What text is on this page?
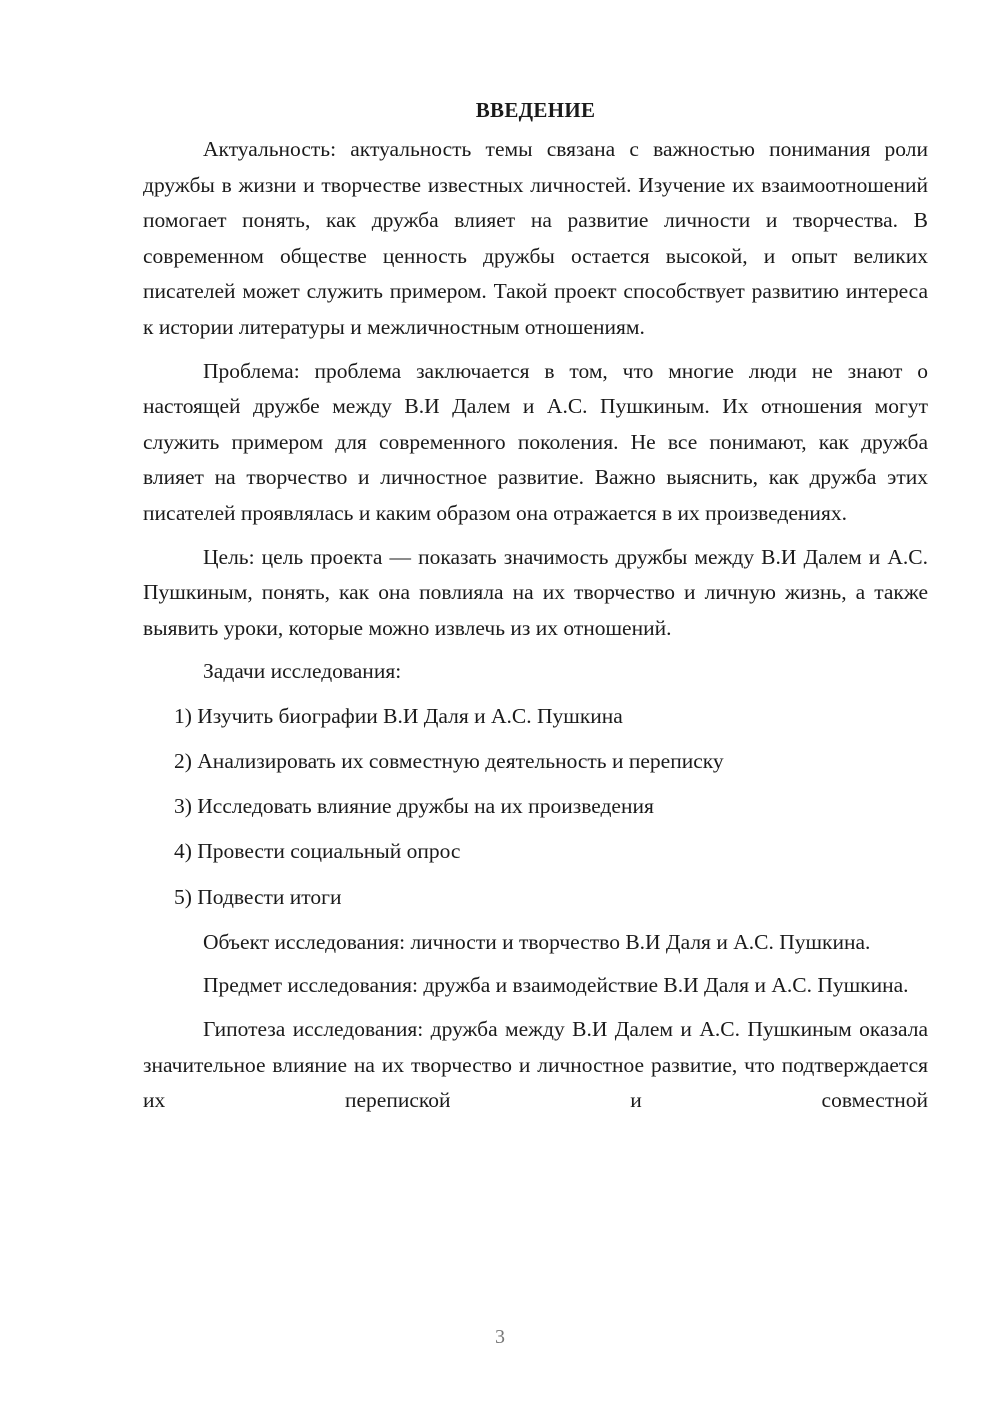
ВВЕДЕНИЕ

Актуальность: актуальность темы связана с важностью понимания роли дружбы в жизни и творчестве известных личностей. Изучение их взаимоотношений помогает понять, как дружба влияет на развитие личности и творчества. В современном обществе ценность дружбы остается высокой, и опыт великих писателей может служить примером. Такой проект способствует развитию интереса к истории литературы и межличностным отношениям.

Проблема: проблема заключается в том, что многие люди не знают о настоящей дружбе между В.И Далем и А.С. Пушкиным. Их отношения могут служить примером для современного поколения. Не все понимают, как дружба влияет на творчество и личностное развитие. Важно выяснить, как дружба этих писателей проявлялась и каким образом она отражается в их произведениях.

Цель: цель проекта — показать значимость дружбы между В.И Далем и А.С. Пушкиным, понять, как она повлияла на их творчество и личную жизнь, а также выявить уроки, которые можно извлечь из их отношений.

Задачи исследования:

1) Изучить биографии В.И Даля и А.С. Пушкина
2) Анализировать их совместную деятельность и переписку
3) Исследовать влияние дружбы на их произведения
4) Провести социальный опрос
5) Подвести итоги

Объект исследования: личности и творчество В.И Даля и А.С. Пушкина.

Предмет исследования: дружба и взаимодействие В.И Даля и А.С. Пушкина.

Гипотеза исследования: дружба между В.И Далем и А.С. Пушкиным оказала значительное влияние на их творчество и личностное развитие, что подтверждается их перепиской и совместной

3
